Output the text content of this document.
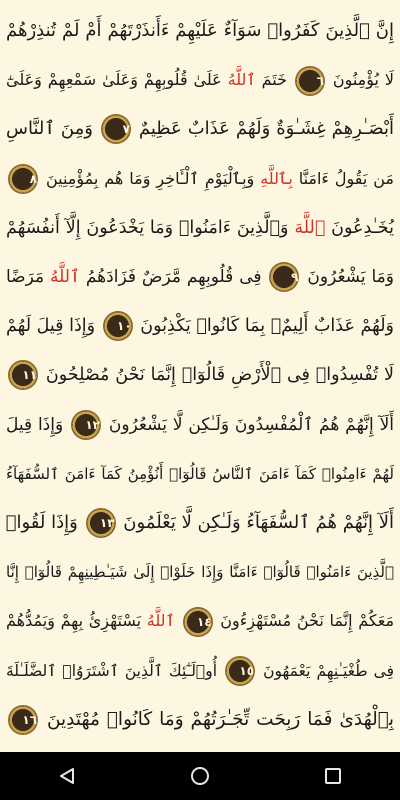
إِنَّ ٱلَّذِينَ كَفَرُوا۟ سَوَآءٌ عَلَيْهِمْ ءَأَنذَرْتَهُمْ أَمْ لَمْ تُنذِرْهُمْ
لَا يُؤْمِنُونَ ٦ خَتَمَ ٱللَّهُ عَلَىٰ قُلُوبِهِمْ وَعَلَىٰ سَمْعِهِمْ وَعَلَىٰٓ
أَبْصَـٰرِهِمْ غِشَـٰوَةٌ وَلَهُمْ عَذَابٌ عَظِيمٌ ٧ وَمِنَ ٱلنَّاسِ
مَن يَقُولُ ءَامَنَّا بِٱللَّهِ وَبِٱلْيَوْمِ ٱلْـَٔاخِرِ وَمَا هُم بِمُؤْمِنِينَ ٨
يُخَـٰدِعُونَ ٱللَّهَ وَٱلَّذِينَ ءَامَنُوا۟ وَمَا يَخْدَعُونَ إِلَّآ أَنفُسَهُمْ
وَمَا يَشْعُرُونَ ٩ فِى قُلُوبِهِم مَّرَضٌ فَزَادَهُمُ ٱللَّهُ مَرَضًا
وَلَهُمْ عَذَابٌ أَلِيمٌۢ بِمَا كَانُوا۟ يَكْذِبُونَ ١٠ وَإِذَا قِيلَ لَهُمْ
لَا تُفْسِدُوا۟ فِى ٱلْأَرْضِ قَالُوٓا۟ إِنَّمَا نَحْنُ مُصْلِحُونَ ١١
أَلَآ إِنَّهُمْ هُمُ ٱلْمُفْسِدُونَ وَلَـٰكِن لَّا يَشْعُرُونَ ١٢ وَإِذَا قِيلَ
لَهُمْ ءَامِنُوا۟ كَمَآ ءَامَنَ ٱلنَّاسُ قَالُوٓا۟ أَنُؤْمِنُ كَمَآ ءَامَنَ ٱلسُّفَهَآءُ
أَلَآ إِنَّهُمْ هُمُ ٱلسُّفَهَآءُ وَلَـٰكِن لَّا يَعْلَمُونَ ١٣ وَإِذَا لَقُوا۟
ٱلَّذِينَ ءَامَنُوا۟ قَالُوٓا۟ ءَامَنَّا وَإِذَا خَلَوْا۟ إِلَىٰ شَيَـٰطِينِهِمْ قَالُوٓا۟ إِنَّا
مَعَكُمْ إِنَّمَا نَحْنُ مُسْتَهْزِءُونَ ١٤ ٱللَّهُ يَسْتَهْزِئُ بِهِمْ وَيَمُدُّهُمْ
فِى طُغْيَـٰنِهِمْ يَعْمَهُونَ ١٥ أُو۟لَـٰٓئِكَ ٱلَّذِينَ ٱشْتَرَوُا۟ ٱلضَّلَـٰلَةَ
بِٱلْهُدَىٰ فَمَا رَبِحَت تِّجَـٰرَتُهُمْ وَمَا كَانُوا۟ مُهْتَدِينَ ١٦
